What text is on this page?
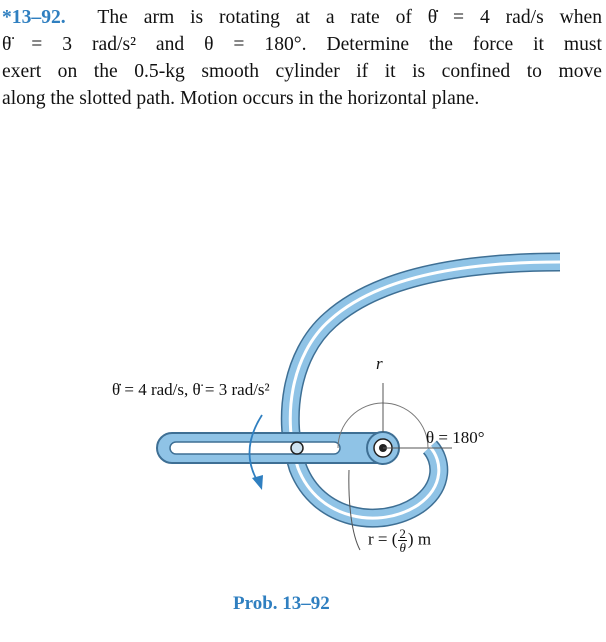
*13–92. The arm is rotating at a rate of θ̇ = 4 rad/s when
θ̈ = 3 rad/s² and θ = 180°. Determine the force it must
exert on the 0.5-kg smooth cylinder if it is confined to move
along the slotted path. Motion occurs in the horizontal plane.
θ̇ = 4 rad/s, θ̈ = 3 rad/s²
r
θ = 180°
r = ( $\frac{2}{\theta}$ ) m
Prob. 13–92
